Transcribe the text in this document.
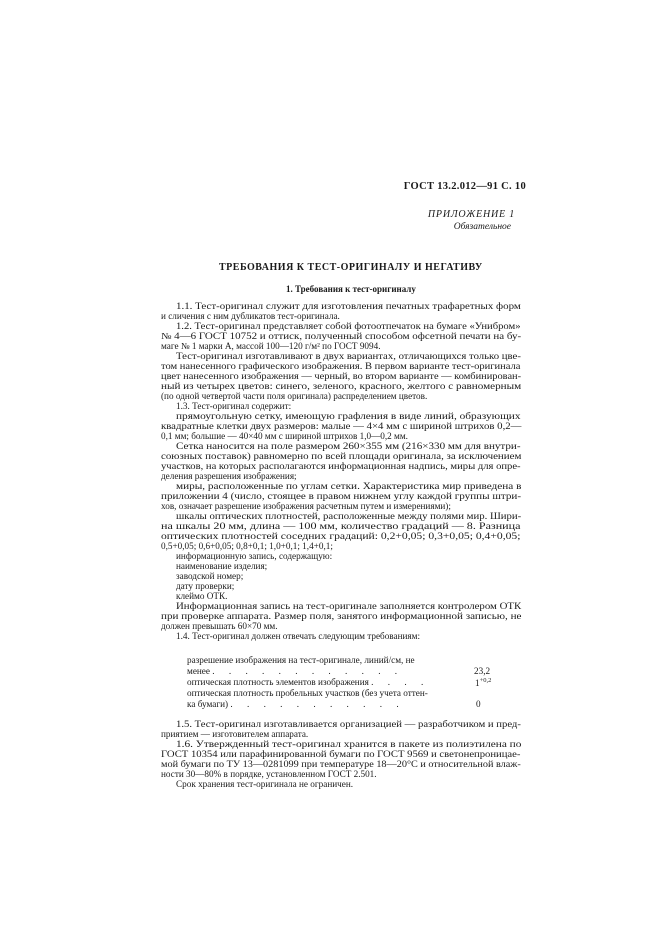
ГОСТ 13.2.012—91 С. 10
ПРИЛОЖЕНИЕ 1
Обязательное
ТРЕБОВАНИЯ К ТЕСТ-ОРИГИНАЛУ И НЕГАТИВУ
1. Требования к тест-оригиналу
1.1. Тест-оригинал служит для изготовления печатных трафаретных форм
и сличения с ним дубликатов тест-оригинала.
1.2. Тест-оригинал представляет собой фотоотпечаток на бумаге «Унибром»
№ 4—6 ГОСТ 10752 и оттиск, полученный способом офсетной печати на бу-
маге № 1 марки А, массой 100—120 г/м² по ГОСТ 9094.
Тест-оригинал изготавливают в двух вариантах, отличающихся только цве-
том нанесенного графического изображения. В первом варианте тест-оригинала
цвет нанесенного изображения — черный, во втором варианте — комбинирован-
ный из четырех цветов: синего, зеленого, красного, желтого с равномерным
(по одной четвертой части поля оригинала) распределением цветов.
1.3. Тест-оригинал содержит:
прямоугольную сетку, имеющую графления в виде линий, образующих
квадратные клетки двух размеров: малые — 4×4 мм с шириной штрихов 0,2—
0,1 мм; большие — 40×40 мм с шириной штрихов 1,0—0,2 мм.
Сетка наносится на поле размером 260×355 мм (216×330 мм для внутри-
союзных поставок) равномерно по всей площади оригинала, за исключением
участков, на которых располагаются информационная надпись, миры для опре-
деления разрешения изображения;
миры, расположенные по углам сетки. Характеристика мир приведена в
приложении 4 (число, стоящее в правом нижнем углу каждой группы штри-
хов, означает разрешение изображения расчетным путем и измерениями);
шкалы оптических плотностей, расположенные между полями мир. Шири-
на шкалы 20 мм, длина — 100 мм, количество градаций — 8. Разница
оптических плотностей соседних градаций: 0,2+0,05; 0,3+0,05; 0,4+0,05;
0,5+0,05; 0,6+0,05; 0,8+0,1; 1,0+0,1; 1,4+0,1;
информационную запись, содержащую:
наименование изделия;
заводской номер;
дату проверки;
клеймо ОТК.
Информационная запись на тест-оригинале заполняется контролером ОТК
при проверке аппарата. Размер поля, занятого информационной записью, не
должен превышать 60×70 мм.
1.4. Тест-оригинал должен отвечать следующим требованиям:
разрешение изображения на тест-оригинале, линий/см, не
менее . . . . . . . . . . . .	23,2
оптическая плотность элементов изображения . . . .	$1^{+0,2}$
оптическая плотность пробельных участков (без учета оттен-
ка бумаги) . . . . . . . . . . .	0
1.5. Тест-оригинал изготавливается организацией — разработчиком и пред-
приятием — изготовителем аппарата.
1.6. Утвержденный тест-оригинал хранится в пакете из полиэтилена по
ГОСТ 10354 или парафинированной бумаги по ГОСТ 9569 и светонепроницае-
мой бумаги по ТУ 13—0281099 при температуре 18—20°С и относительной влаж-
ности 30—80% в порядке, установленном ГОСТ 2.501.
Срок хранения тест-оригинала не ограничен.
